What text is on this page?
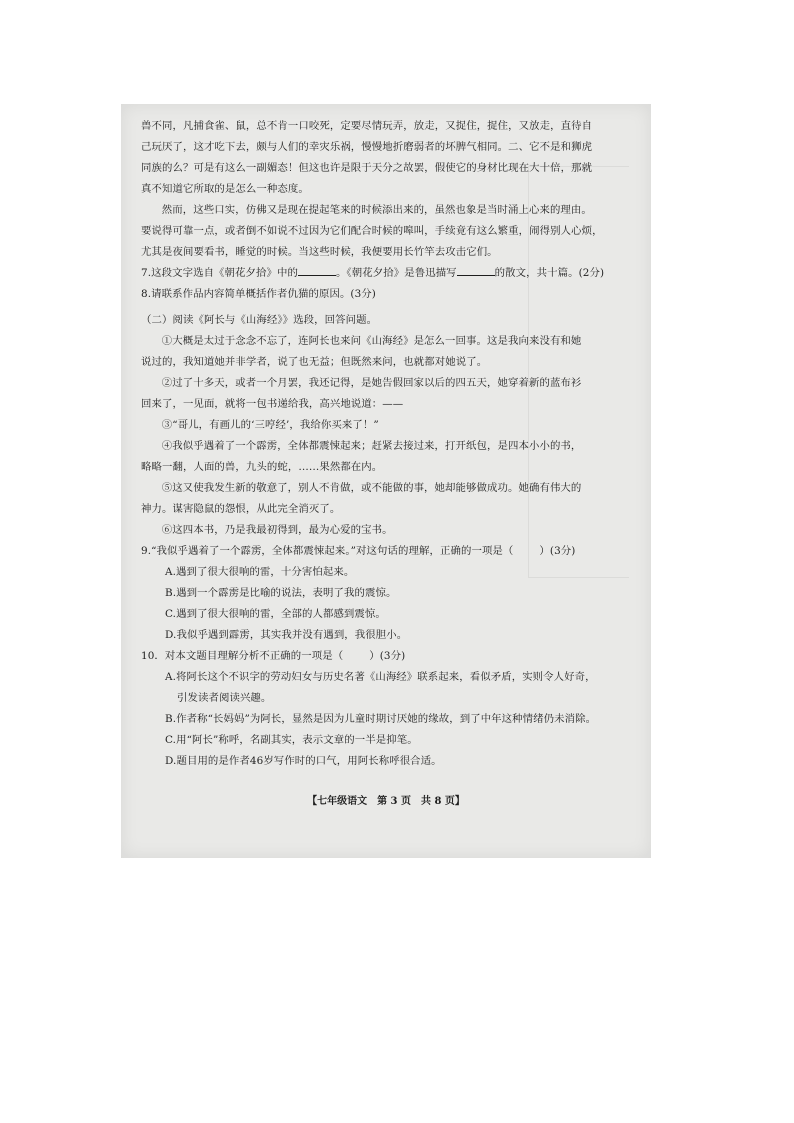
兽不同，凡捕食雀、鼠，总不肯一口咬死，定要尽情玩弄，放走，又捉住，捉住，又放走，直待自

己玩厌了，这才吃下去，颇与人们的幸灾乐祸，慢慢地折磨弱者的坏脾气相同。二、它不是和狮虎

同族的么？可是有这么一副媚态！但这也许是限于天分之故罢，假使它的身材比现在大十倍，那就

真不知道它所取的是怎么一种态度。

然而，这些口实，仿佛又是现在提起笔来的时候添出来的，虽然也象是当时涌上心来的理由。

要说得可靠一点，或者倒不如说不过因为它们配合时候的嗥叫，手续竟有这么繁重，闹得别人心烦，

尤其是夜间要看书，睡觉的时候。当这些时候，我便要用长竹竿去攻击它们。

7.这段文字选自《朝花夕拾》中的	。《朝花夕拾》是鲁迅描写	的散文，共十篇。(2分)

8.请联系作品内容简单概括作者仇猫的原因。(3分)

（二）阅读《阿长与《山海经》》选段，回答问题。

①大概是太过于念念不忘了，连阿长也来问《山海经》是怎么一回事。这是我向来没有和她

说过的，我知道她并非学者，说了也无益；但既然来问，也就都对她说了。

②过了十多天，或者一个月罢，我还记得，是她告假回家以后的四五天，她穿着新的蓝布衫

回来了，一见面，就将一包书递给我，高兴地说道：——

③“哥儿，有画儿的‘三哼经’，我给你买来了！”

④我似乎遇着了一个霹雳，全体都震悚起来；赶紧去接过来，打开纸包，是四本小小的书，

略略一翻，人面的兽，九头的蛇，……果然都在内。

⑤这又使我发生新的敬意了，别人不肯做，或不能做的事，她却能够做成功。她确有伟大的

神力。谋害隐鼠的怨恨，从此完全消灭了。

⑥这四本书，乃是我最初得到，最为心爱的宝书。

9.“我似乎遇着了一个霹雳，全体都震悚起来。”对这句话的理解，正确的一项是（	）(3分)

A.遇到了很大很响的雷，十分害怕起来。

B.遇到一个霹雳是比喻的说法，表明了我的震惊。

C.遇到了很大很响的雷，全部的人都感到震惊。

D.我似乎遇到霹雳，其实我并没有遇到，我很胆小。

10．对本文题目理解分析不正确的一项是（	）(3分)

A.将阿长这个不识字的劳动妇女与历史名著《山海经》联系起来，看似矛盾，实则令人好奇，

引发读者阅读兴趣。

B.作者称“长妈妈”为阿长，显然是因为儿童时期讨厌她的缘故，到了中年这种情绪仍未消除。

C.用“阿长”称呼，名副其实，表示文章的一半是抑笔。

D.题目用的是作者46岁写作时的口气，用阿长称呼很合适。

【七年级语文　第 3 页　共 8 页】
